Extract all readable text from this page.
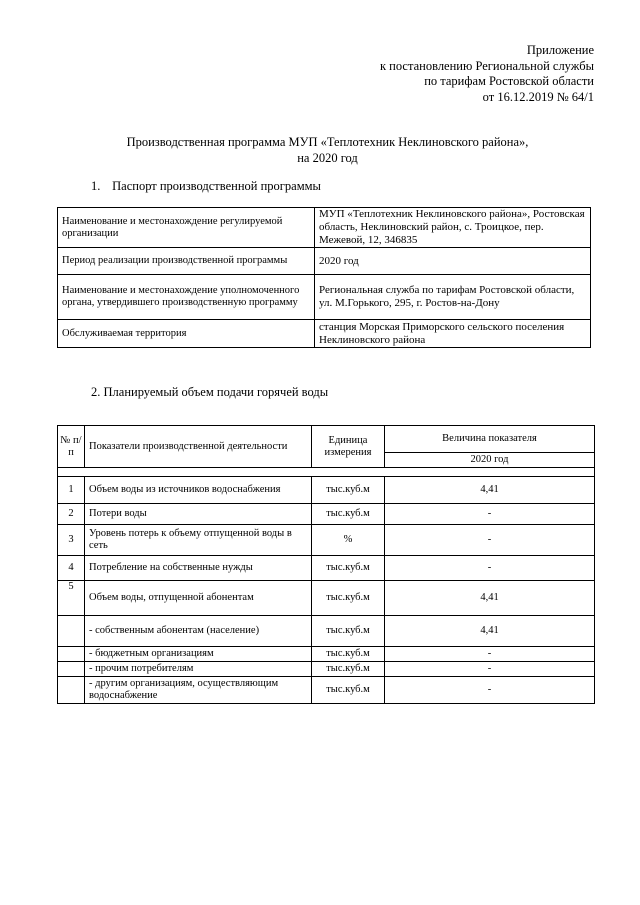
Приложение
к постановлению Региональной службы
по тарифам Ростовской области
от 16.12.2019 № 64/1
Производственная программа МУП «Теплотехник Неклиновского района»,
на 2020 год
1. Паспорт производственной программы
Наименование и местонахождение регулируемой организации	МУП «Теплотехник Неклиновского района», Ростовская область, Неклиновский район, с. Троицкое, пер. Межевой, 12, 346835
Период реализации производственной программы	2020 год
Наименование и местонахождение уполномоченного органа, утвердившего производственную программу	Региональная служба по тарифам Ростовской области, ул. М.Горького, 295, г. Ростов-на-Дону
Обслуживаемая территория	станция Морская Приморского сельского поселения Неклиновского района
2. Планируемый объем подачи горячей воды
№ п/п	Показатели производственной деятельности	Единица измерения	Величина показателя
			2020 год

1	Объем воды из источников водоснабжения	тыс.куб.м	4,41
2	Потери воды	тыс.куб.м	-
3	Уровень потерь к объему отпущенной воды в сеть	%	-
4	Потребление на собственные нужды	тыс.куб.м	-
5	Объем воды, отпущенной абонентам	тыс.куб.м	4,41
	- собственным абонентам (население)	тыс.куб.м	4,41
	- бюджетным организациям	тыс.куб.м	-
	- прочим потребителям	тыс.куб.м	-
	- другим организациям, осуществляющим водоснабжение	тыс.куб.м	-
